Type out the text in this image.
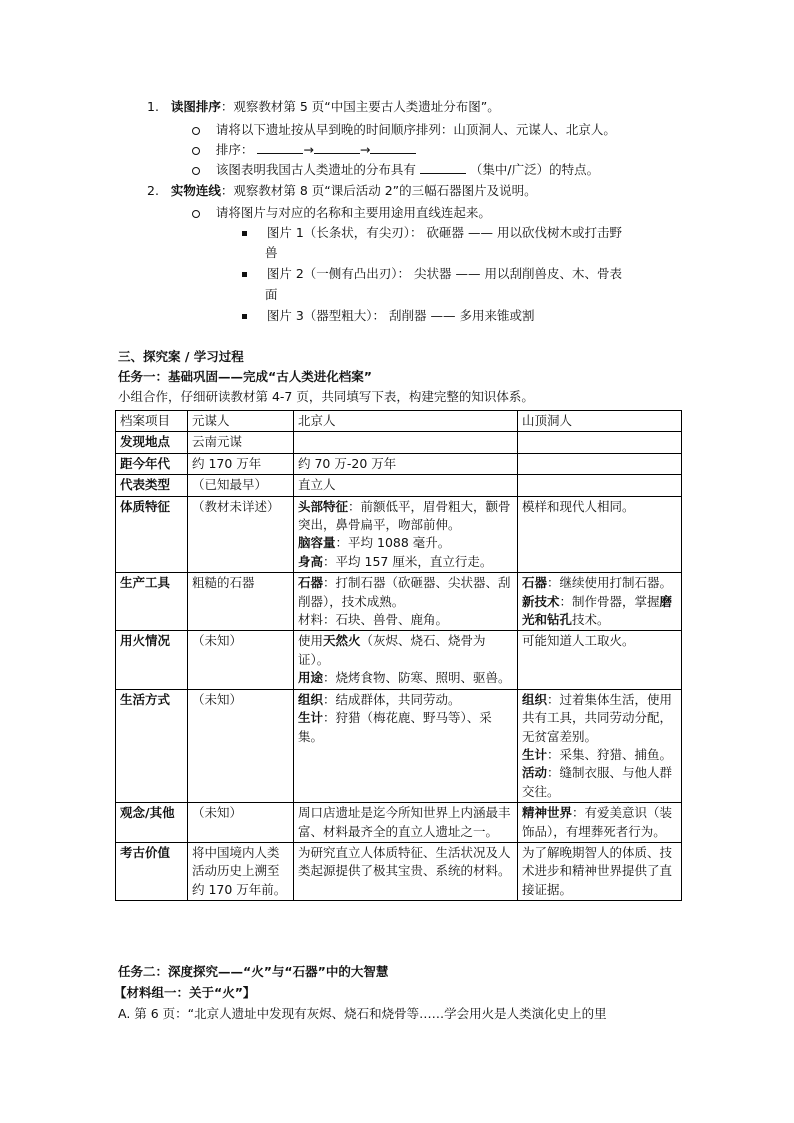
1. 读图排序：观察教材第 5 页“中国主要古人类遗址分布图”。
请将以下遗址按从早到晚的时间顺序排列：山顶洞人、元谋人、北京人。
排序：	→	→
该图表明我国古人类遗址的分布具有	（集中/广泛）的特点。
2. 实物连线：观察教材第 8 页“课后活动 2”的三幅石器图片及说明。
请将图片与对应的名称和主要用途用直线连起来。
图片 1（长条状，有尖刃）： 砍砸器 —— 用以砍伐树木或打击野
兽
图片 2（一侧有凸出刃）： 尖状器 —— 用以刮削兽皮、木、骨表
面
图片 3（器型粗大）： 刮削器 —— 多用来锥或割
三、探究案 / 学习过程
任务一：基础巩固——完成“古人类进化档案”
小组合作，仔细研读教材第 4-7 页，共同填写下表，构建完整的知识体系。
档案项目	元谋人	北京人	山顶洞人
发现地点	云南元谋		
距今年代	约 170 万年	约 70 万-20 万年	
代表类型	（已知最早）	直立人	
体质特征	（教材未详述）	头部特征：前额低平，眉骨粗大，颧骨突出，鼻骨扁平，吻部前伸。
脑容量：平均 1088 毫升。
身高：平均 157 厘米，直立行走。	模样和现代人相同。
生产工具	粗糙的石器	石器：打制石器（砍砸器、尖状器、刮削器），技术成熟。
材料：石块、兽骨、鹿角。	石器：继续使用打制石器。
新技术：制作骨器，掌握磨光和钻孔技术。
用火情况	（未知）	使用天然火（灰烬、烧石、烧骨为证）。
用途：烧烤食物、防寒、照明、驱兽。	可能知道人工取火。
生活方式	（未知）	组织：结成群体，共同劳动。
生计：狩猎（梅花鹿、野马等）、采集。	组织：过着集体生活，使用共有工具，共同劳动分配，无贫富差别。
生计：采集、狩猎、捕鱼。
活动：缝制衣服、与他人群交往。
观念/其他	（未知）	周口店遗址是迄今所知世界上内涵最丰富、材料最齐全的直立人遗址之一。	精神世界：有爱美意识（装饰品），有埋葬死者行为。
考古价值	将中国境内人类活动历史上溯至约 170 万年前。	为研究直立人体质特征、生活状况及人类起源提供了极其宝贵、系统的材料。	为了解晚期智人的体质、技术进步和精神世界提供了直接证据。
任务二：深度探究——“火”与“石器”中的大智慧
【材料组一：关于“火”】
A. 第 6 页：“北京人遗址中发现有灰烬、烧石和烧骨等……学会用火是人类演化史上的里
